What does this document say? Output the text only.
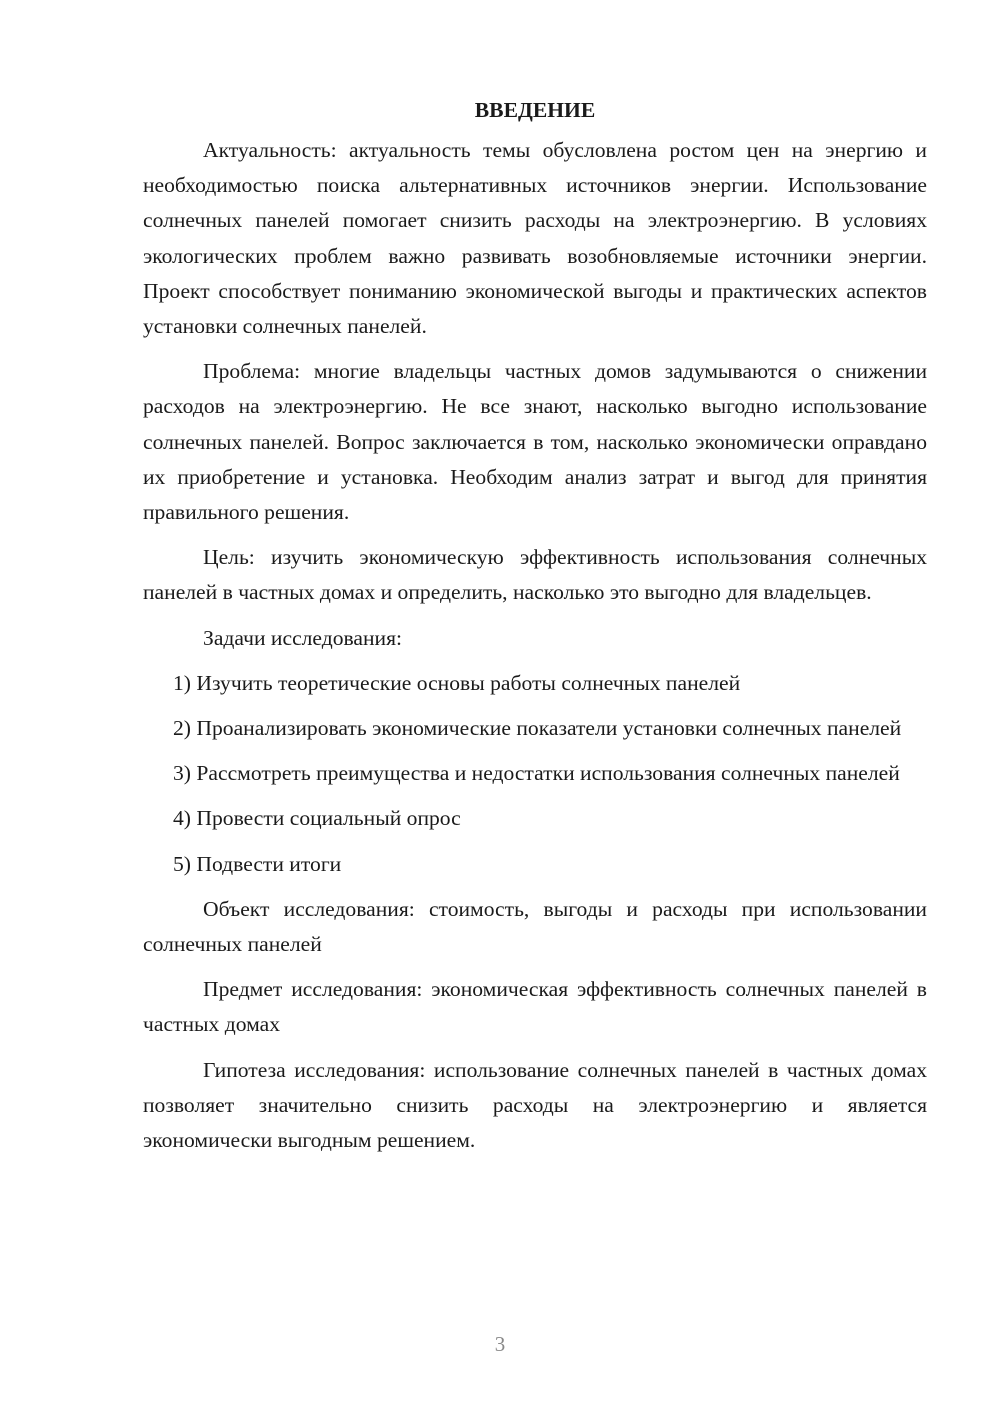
ВВЕДЕНИЕ

Актуальность: актуальность темы обусловлена ростом цен на энергию и необходимостью поиска альтернативных источников энергии. Использование солнечных панелей помогает снизить расходы на электроэнергию. В условиях экологических проблем важно развивать возобновляемые источники энергии. Проект способствует пониманию экономической выгоды и практических аспектов установки солнечных панелей.

Проблема: многие владельцы частных домов задумываются о снижении расходов на электроэнергию. Не все знают, насколько выгодно использование солнечных панелей. Вопрос заключается в том, насколько экономически оправдано их приобретение и установка. Необходим анализ затрат и выгод для принятия правильного решения.

Цель: изучить экономическую эффективность использования солнечных панелей в частных домах и определить, насколько это выгодно для владельцев.

Задачи исследования:

1) Изучить теоретические основы работы солнечных панелей

2) Проанализировать экономические показатели установки солнечных панелей

3) Рассмотреть преимущества и недостатки использования солнечных панелей

4) Провести социальный опрос

5) Подвести итоги

Объект исследования: стоимость, выгоды и расходы при использовании солнечных панелей

Предмет исследования: экономическая эффективность солнечных панелей в частных домах

Гипотеза исследования: использование солнечных панелей в частных домах позволяет значительно снизить расходы на электроэнергию и является экономически выгодным решением.

3
